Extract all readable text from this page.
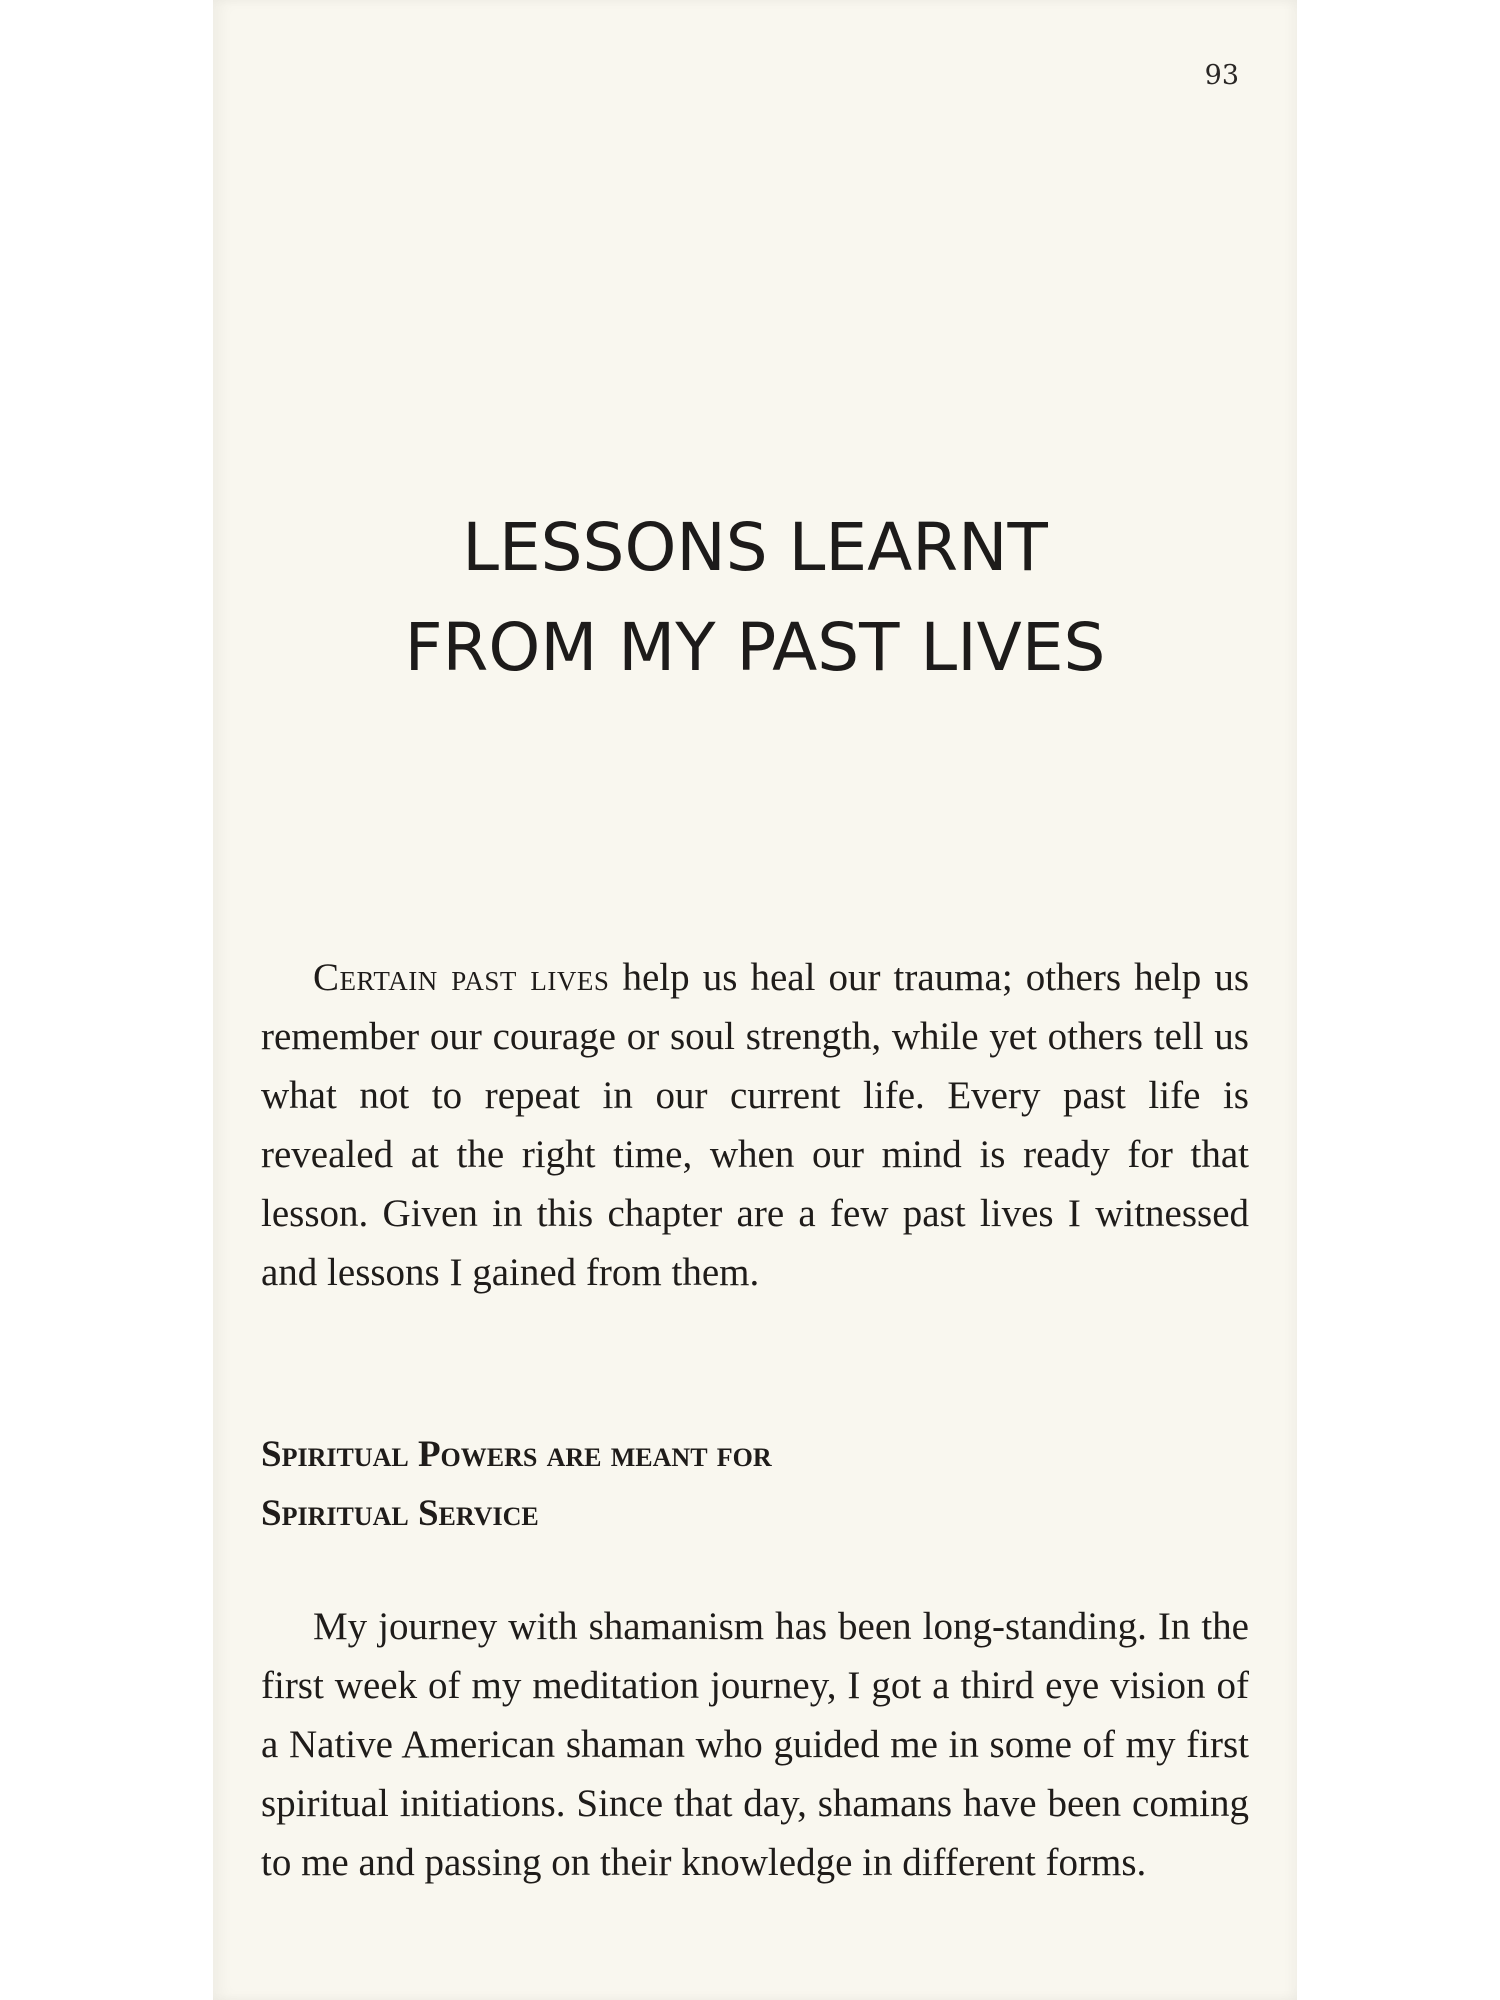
93

LESSONS LEARNT
FROM MY PAST LIVES

Certain past lives help us heal our trauma; others help us remember our courage or soul strength, while yet others tell us what not to repeat in our current life. Every past life is revealed at the right time, when our mind is ready for that lesson. Given in this chapter are a few past lives I witnessed and lessons I gained from them.

Spiritual Powers are meant for
Spiritual Service

My journey with shamanism has been long-standing. In the first week of my meditation journey, I got a third eye vision of a Native American shaman who guided me in some of my first spiritual initiations. Since that day, shamans have been coming to me and passing on their knowledge in different forms.
